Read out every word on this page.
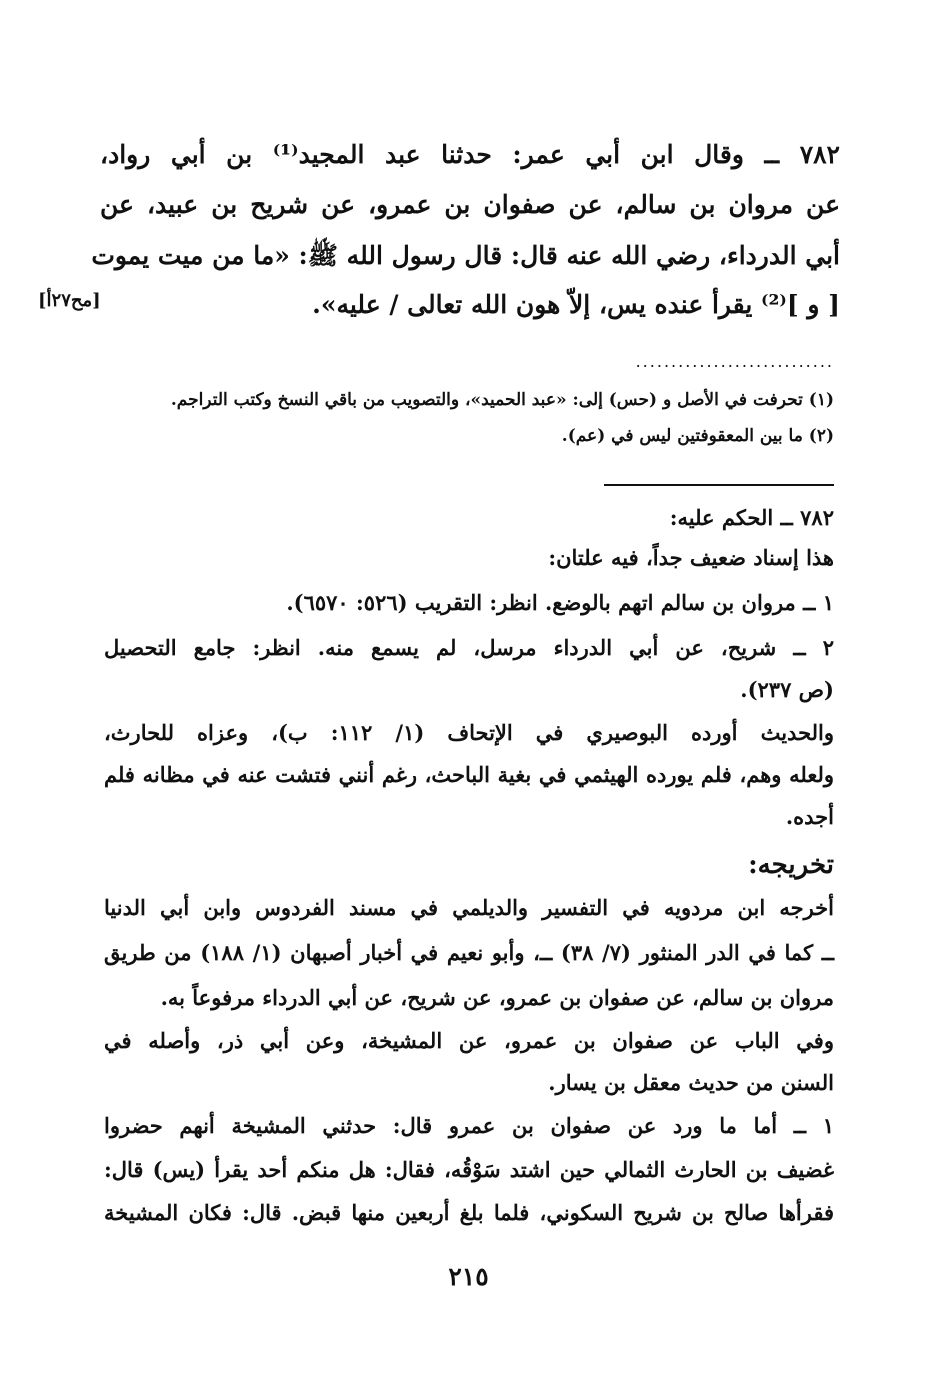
٧٨٢ ــ وقال ابن أبي عمر: حدثنا عبد المجيد⁽¹⁾ بن أبي رواد،
عن مروان بن سالم، عن صفوان بن عمرو، عن شريح بن عبيد، عن
أبي الدرداء، رضي الله عنه قال: قال رسول الله ﷺ: «ما من ميت يموت
[ و ]⁽²⁾ يقرأ عنده يس، إلاّ هون الله تعالى / عليه».
[مح٢٧أ]
............................
(١) تحرفت في الأصل و (حس) إلى: «عبد الحميد»، والتصويب من باقي النسخ وكتب التراجم.
(٢) ما بين المعقوفتين ليس في (عم).
٧٨٢ ــ الحكم عليه:
هذا إسناد ضعيف جداً، فيه علتان:
١ ــ مروان بن سالم اتهم بالوضع. انظر: التقريب (٥٢٦: ٦٥٧٠).
٢ ــ شريح، عن أبي الدرداء مرسل، لم يسمع منه. انظر: جامع التحصيل
(ص ٢٣٧).
والحديث أورده البوصيري في الإتحاف (١/ ١١٢: ب)، وعزاه للحارث،
ولعله وهم، فلم يورده الهيثمي في بغية الباحث، رغم أنني فتشت عنه في مظانه فلم
أجده.
تخريجه:
أخرجه ابن مردويه في التفسير والديلمي في مسند الفردوس وابن أبي الدنيا
ــ كما في الدر المنثور (٧/ ٣٨) ــ، وأبو نعيم في أخبار أصبهان (١/ ١٨٨) من طريق
مروان بن سالم، عن صفوان بن عمرو، عن شريح، عن أبي الدرداء مرفوعاً به.
وفي الباب عن صفوان بن عمرو، عن المشيخة، وعن أبي ذر، وأصله في
السنن من حديث معقل بن يسار.
١ ــ أما ما ورد عن صفوان بن عمرو قال: حدثني المشيخة أنهم حضروا
غضيف بن الحارث الثمالي حين اشتد سَوْقُه، فقال: هل منكم أحد يقرأ (يس) قال:
فقرأها صالح بن شريح السكوني، فلما بلغ أربعين منها قبض. قال: فكان المشيخة
٢١٥
